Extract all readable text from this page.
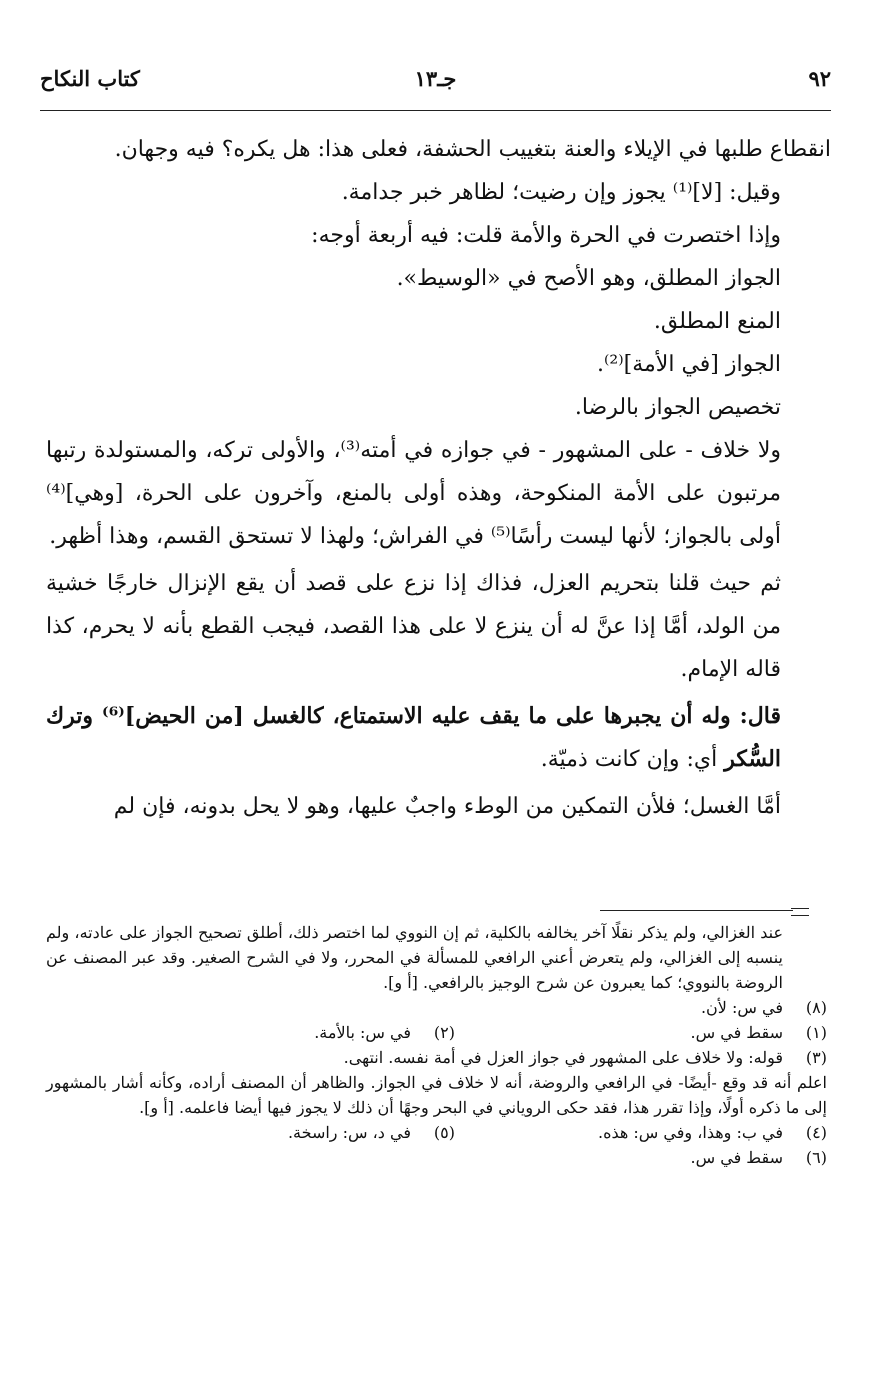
٩٢
جـ١٣
كتاب النكاح

انقطاع طلبها في الإيلاء والعنة بتغييب الحشفة، فعلى هذا: هل يكره؟ فيه وجهان.

وقيل: [لا]⁽¹⁾ يجوز وإن رضيت؛ لظاهر خبر جدامة.

وإذا اختصرت في الحرة والأمة قلت: فيه أربعة أوجه:

الجواز المطلق، وهو الأصح في «الوسيط».

المنع المطلق.

الجواز [في الأمة]⁽²⁾.

تخصيص الجواز بالرضا.

ولا خلاف - على المشهور - في جوازه في أمته⁽³⁾، والأولى تركه، والمستولدة رتبها مرتبون على الأمة المنكوحة، وهذه أولى بالمنع، وآخرون على الحرة، [وهي]⁽⁴⁾ أولى بالجواز؛ لأنها ليست رأسًا⁽⁵⁾ في الفراش؛ ولهذا لا تستحق القسم، وهذا أظهر.

ثم حيث قلنا بتحريم العزل، فذاك إذا نزع على قصد أن يقع الإنزال خارجًا خشية من الولد، أمَّا إذا عنَّ له أن ينزع لا على هذا القصد، فيجب القطع بأنه لا يحرم، كذا قاله الإمام.

قال: وله أن يجبرها على ما يقف عليه الاستمتاع، كالغسل [من الحيض]⁽⁶⁾ وترك السُّكر أي: وإن كانت ذميّة.

أمَّا الغسل؛ فلأن التمكين من الوطء واجبٌ عليها، وهو لا يحل بدونه، فإن لم

عند الغزالي، ولم يذكر نقلًا آخر يخالفه بالكلية، ثم إن النووي لما اختصر ذلك، أطلق تصحيح الجواز على عادته، ولم ينسبه إلى الغزالي، ولم يتعرض أعني الرافعي للمسألة في المحرر، ولا في الشرح الصغير. وقد عبر المصنف عن الروضة بالنووي؛ كما يعبرون عن شرح الوجيز بالرافعي. [أ و].
(٨)
في س: لأن.
(١)
سقط في س.
(٢)
في س: بالأمة.
(٣)
قوله: ولا خلاف على المشهور في جواز العزل في أمة نفسه. انتهى.
اعلم أنه قد وقع -أيضًا- في الرافعي والروضة، أنه لا خلاف في الجواز. والظاهر أن المصنف أراده، وكأنه أشار بالمشهور إلى ما ذكره أولًا، وإذا تقرر هذا، فقد حكى الروياني في البحر وجهًا أن ذلك لا يجوز فيها أيضا فاعلمه. [أ و].
(٤)
في ب: وهذا، وفي س: هذه.
(٥)
في د، س: راسخة.
(٦)
سقط في س.
